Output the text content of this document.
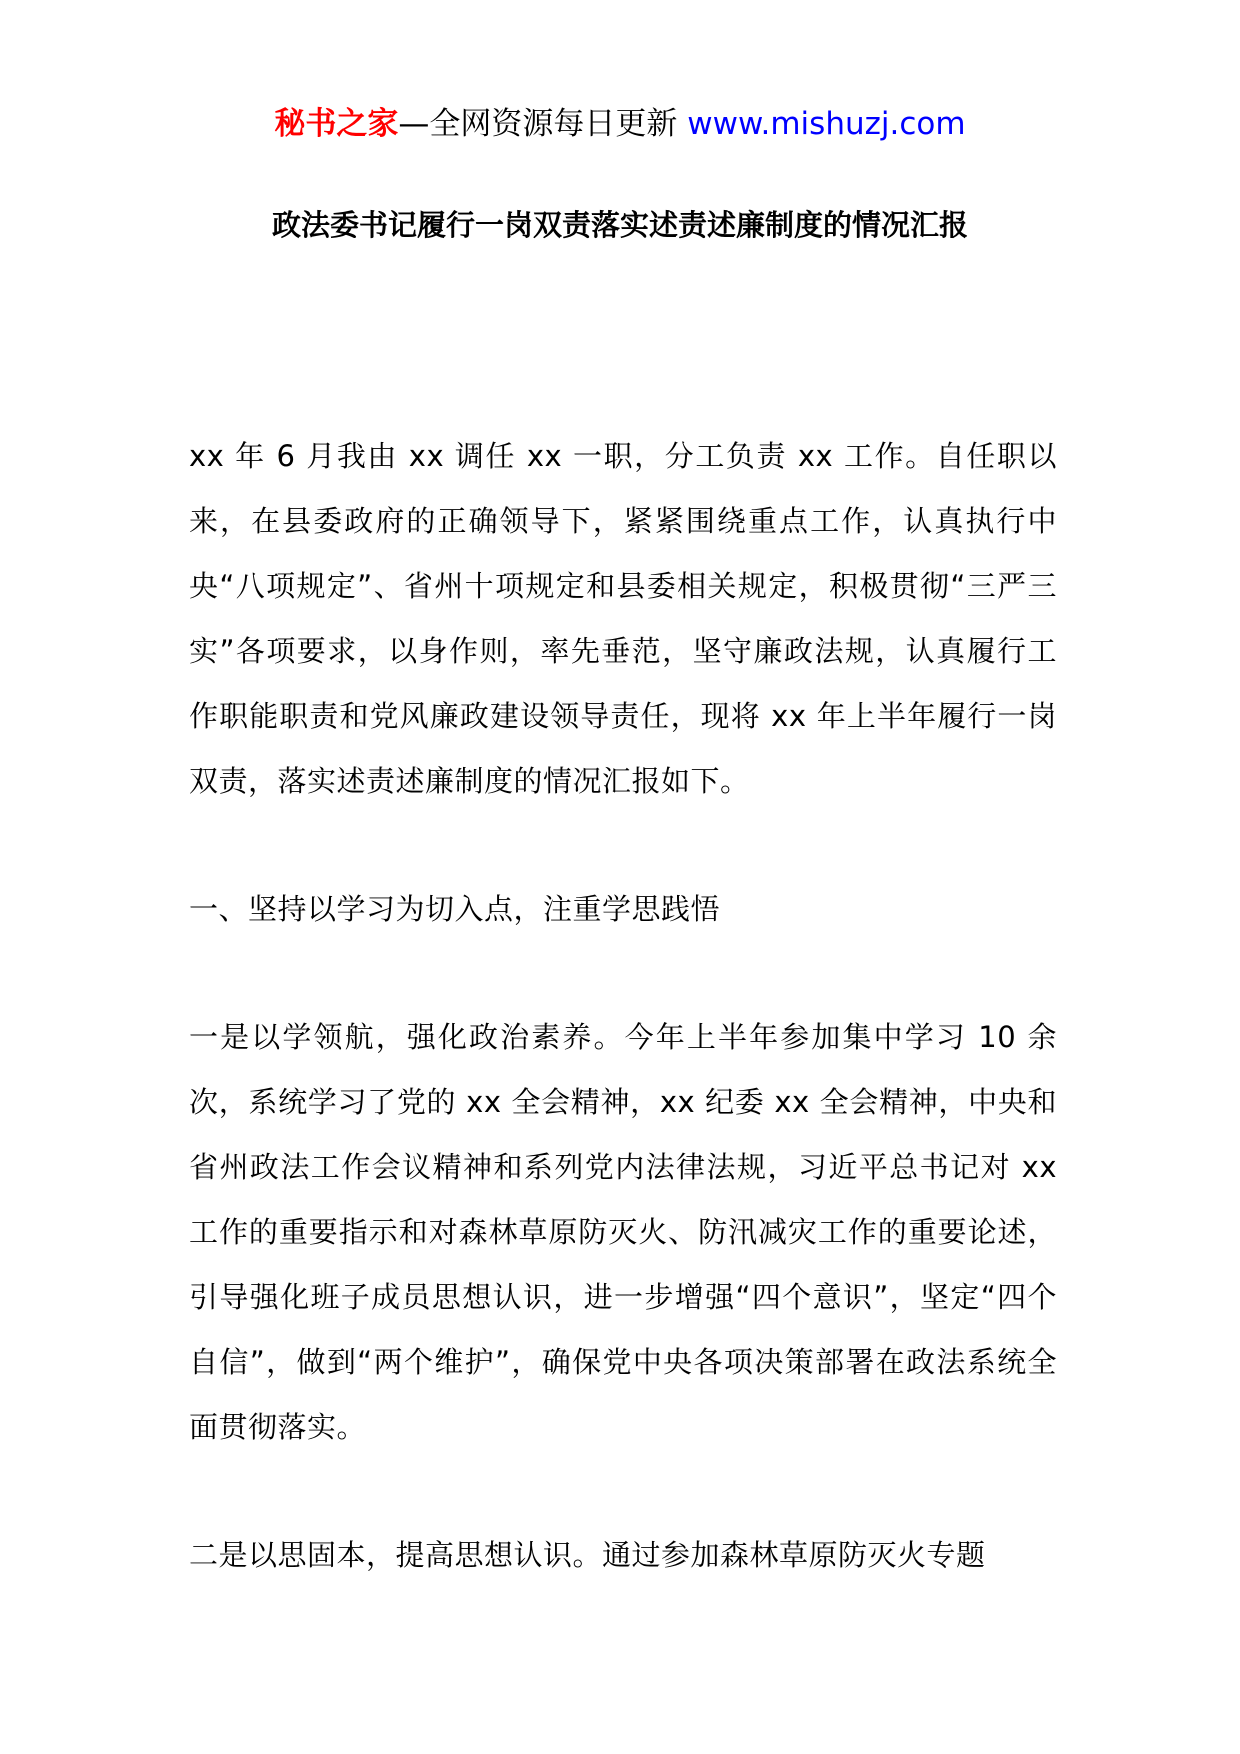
秘书之家—全网资源每日更新 www.mishuzj.com
政法委书记履行一岗双责落实述责述廉制度的情况汇报

xx 年 6 月我由 xx 调任 xx 一职，分工负责 xx 工作。自任职以来，在县委政府的正确领导下，紧紧围绕重点工作，认真执行中央“八项规定”、省州十项规定和县委相关规定，积极贯彻“三严三实”各项要求，以身作则，率先垂范，坚守廉政法规，认真履行工作职能职责和党风廉政建设领导责任，现将 xx 年上半年履行一岗双责，落实述责述廉制度的情况汇报如下。

一、坚持以学习为切入点，注重学思践悟

一是以学领航，强化政治素养。今年上半年参加集中学习 10 余次，系统学习了党的 xx 全会精神，xx 纪委 xx 全会精神，中央和省州政法工作会议精神和系列党内法律法规，习近平总书记对 xx 工作的重要指示和对森林草原防灭火、防汛减灾工作的重要论述，引导强化班子成员思想认识，进一步增强“四个意识”，坚定“四个自信”，做到“两个维护”，确保党中央各项决策部署在政法系统全面贯彻落实。

二是以思固本，提高思想认识。通过参加森林草原防灭火专题
